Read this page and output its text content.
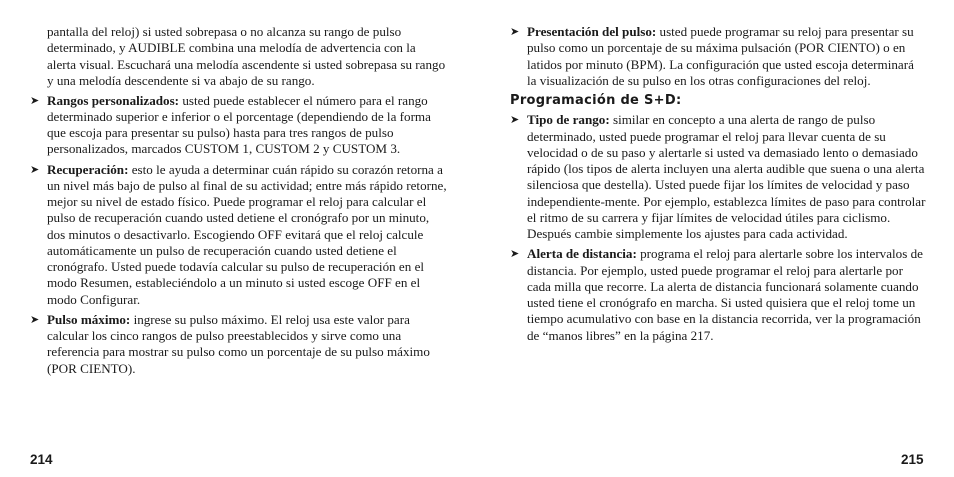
pantalla del reloj) si usted sobrepasa o no alcanza su rango de pulso determinado, y AUDIBLE combina una melodía de advertencia con la alerta visual. Escuchará una melodía ascendente si usted sobrepasa su rango y una melodía descendente si va abajo de su rango.

➤ Rangos personalizados: usted puede establecer el número para el rango determinado superior e inferior o el porcentage (dependiendo de la forma que escoja para presentar su pulso) hasta para tres rangos de pulso personalizados, marcados CUSTOM 1, CUSTOM 2 y CUSTOM 3.

➤ Recuperación: esto le ayuda a determinar cuán rápido su corazón retorna a un nivel más bajo de pulso al final de su actividad; entre más rápido retorne, mejor su nivel de estado físico. Puede programar el reloj para calcular el pulso de recuperación cuando usted detiene el cronógrafo por un minuto, dos minutos o desactivarlo. Escogiendo OFF evitará que el reloj calcule automáticamente un pulso de recuperación cuando usted detiene el cronógrafo. Usted puede todavía calcular su pulso de recuperación en el modo Resumen, estableciéndolo a un minuto si usted escoge OFF en el modo Configurar.

➤ Pulso máximo: ingrese su pulso máximo. El reloj usa este valor para calcular los cinco rangos de pulso preestablecidos y sirve como una referencia para mostrar su pulso como un porcentaje de su pulso máximo (POR CIENTO).

➤ Presentación del pulso: usted puede programar su reloj para presentar su pulso como un porcentaje de su máxima pulsación (POR CIENTO) o en latidos por minuto (BPM). La configuración que usted escoja determinará la visualización de su pulso en los otras configuraciones del reloj.

Programación de S+D:

➤ Tipo de rango: similar en concepto a una alerta de rango de pulso determinado, usted puede programar el reloj para llevar cuenta de su velocidad o de su paso y alertarle si usted va demasiado lento o demasiado rápido (los tipos de alerta incluyen una alerta audible que suena o una alerta silenciosa que destella). Usted puede fijar los límites de velocidad y paso independiente-mente. Por ejemplo, establezca límites de paso para controlar el ritmo de su carrera y fijar límites de velocidad útiles para ciclismo. Después cambie simplemente los ajustes para cada actividad.

➤ Alerta de distancia: programa el reloj para alertarle sobre los intervalos de distancia. Por ejemplo, usted puede programar el reloj para alertarle por cada milla que recorre. La alerta de distancia funcionará solamente cuando usted tiene el cronógrafo en marcha. Si usted quisiera que el reloj tome un tiempo acumulativo con base en la distancia recorrida, ver la programación de “manos libres” en la página 217.

214	215
